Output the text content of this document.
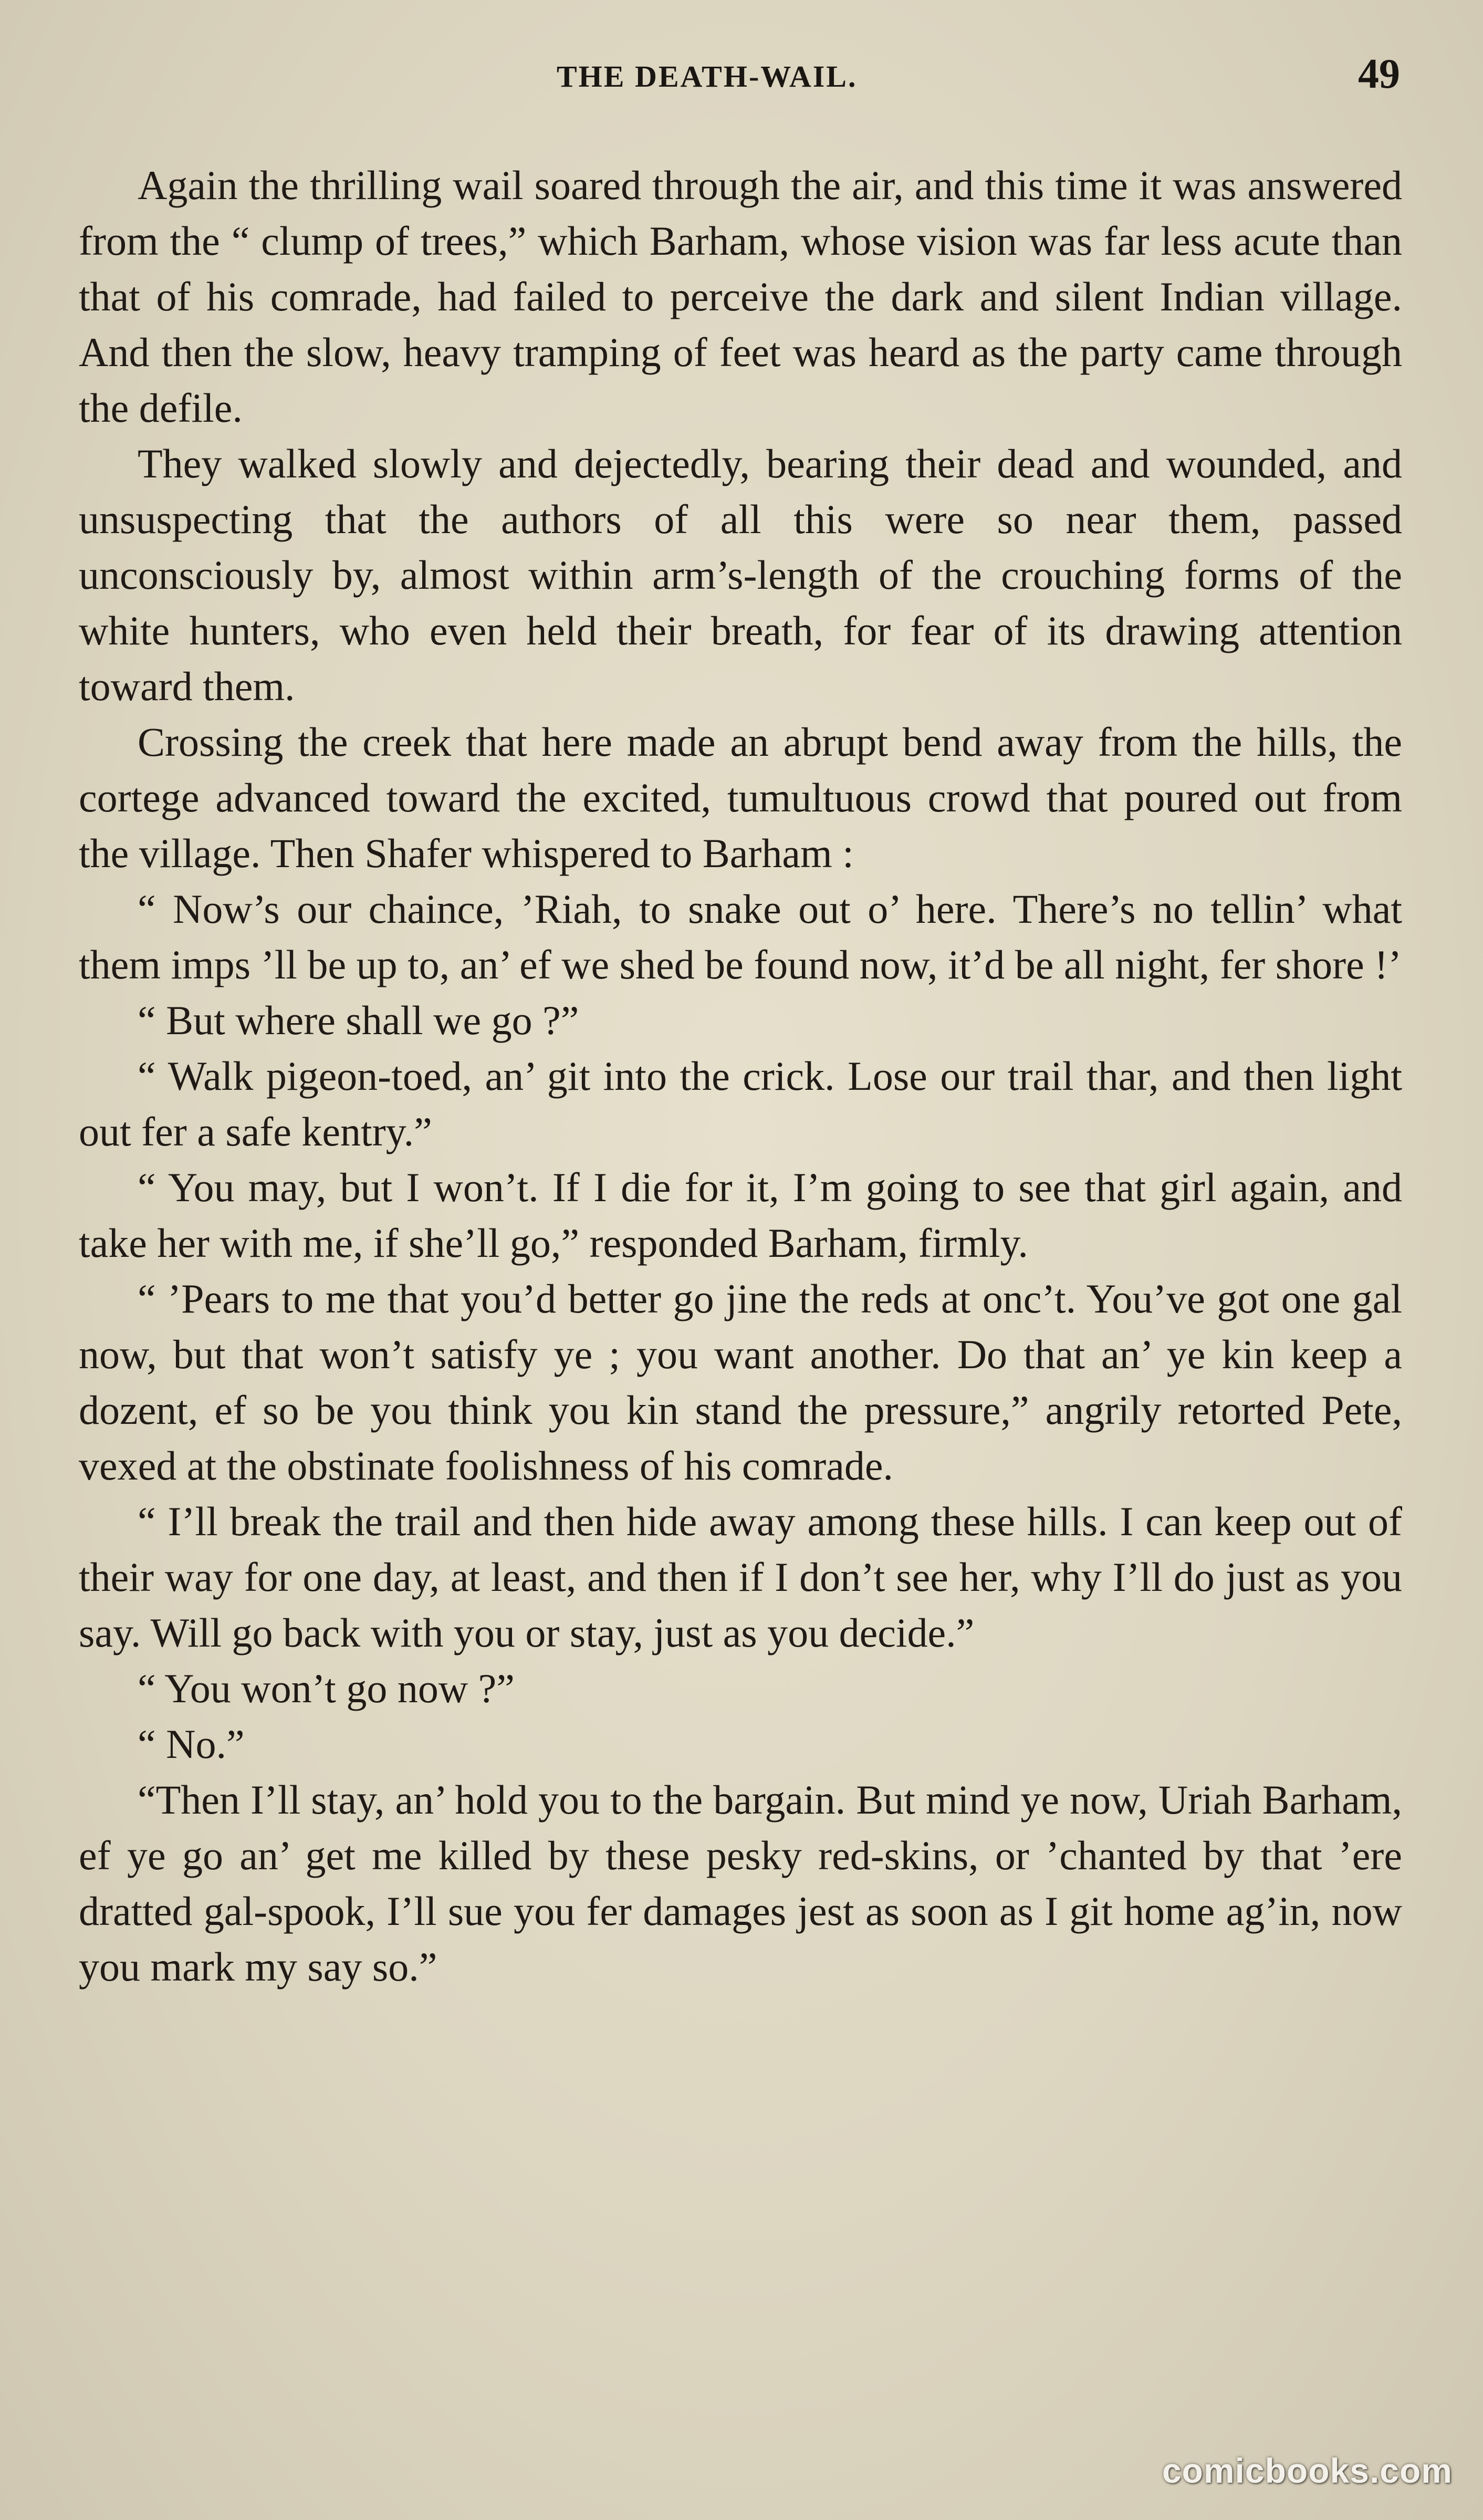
THE DEATH-WAIL.	49

Again the thrilling wail soared through the air, and this time it was answered from the “ clump of trees,” which Barham, whose vision was far less acute than that of his comrade, had failed to perceive the dark and silent Indian village. And then the slow, heavy tramping of feet was heard as the party came through the defile.

They walked slowly and dejectedly, bearing their dead and wounded, and unsuspecting that the authors of all this were so near them, passed unconsciously by, almost within arm’s-length of the crouching forms of the white hunters, who even held their breath, for fear of its drawing attention toward them.

Crossing the creek that here made an abrupt bend away from the hills, the cortege advanced toward the excited, tumultuous crowd that poured out from the village. Then Shafer whispered to Barham :

“ Now’s our chaince, ’Riah, to snake out o’ here. There’s no tellin’ what them imps ’ll be up to, an’ ef we shed be found now, it’d be all night, fer shore !’

“ But where shall we go ?”

“ Walk pigeon-toed, an’ git into the crick. Lose our trail thar, and then light out fer a safe kentry.”

“ You may, but I won’t. If I die for it, I’m going to see that girl again, and take her with me, if she’ll go,” responded Barham, firmly.

“ ’Pears to me that you’d better go jine the reds at onc’t. You’ve got one gal now, but that won’t satisfy ye ; you want another. Do that an’ ye kin keep a dozent, ef so be you think you kin stand the pressure,” angrily retorted Pete, vexed at the obstinate foolishness of his comrade.

“ I’ll break the trail and then hide away among these hills. I can keep out of their way for one day, at least, and then if I don’t see her, why I’ll do just as you say. Will go back with you or stay, just as you decide.”

“ You won’t go now ?”

“ No.”

“Then I’ll stay, an’ hold you to the bargain. But mind ye now, Uriah Barham, ef ye go an’ get me killed by these pesky red-skins, or ’chanted by that ’ere dratted gal-spook, I’ll sue you fer damages jest as soon as I git home ag’in, now you mark my say so.”

comicbooks.com
